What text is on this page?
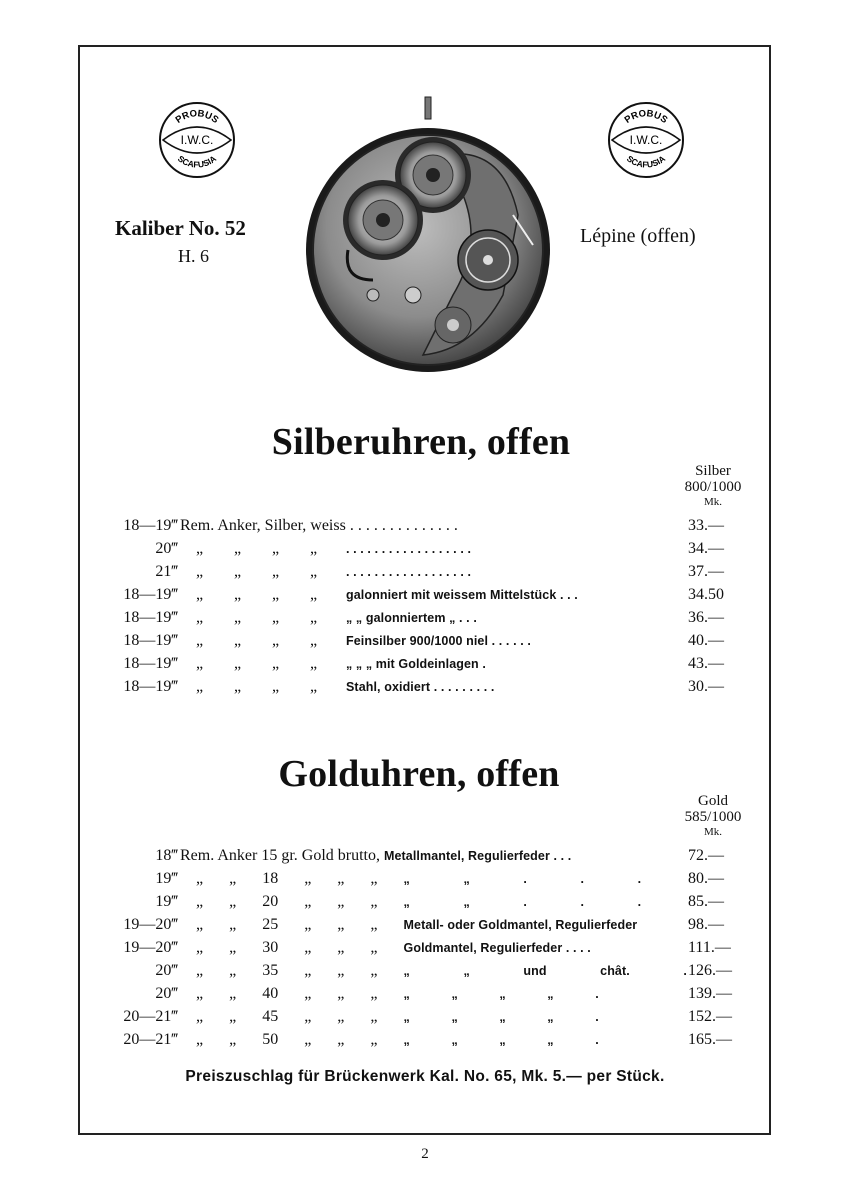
PROBUS
I.W.C.
SCAFUSIA
PROBUS
I.W.C.
SCAFUSIA
Kaliber No. 52
H. 6
Lépine (offen)
Silberuhren, offen
Silber
800/1000
Mk.
18—19‴ Rem. Anker, Silber, weiss . . . . . . . . . . . . . .	33.—
20‴ „ „ „ „ . . . . . . . . . . . . . . . . . .	34.—
21‴ „ „ „ „ . . . . . . . . . . . . . . . . . .	37.—
18—19‴ „ „ „ „ galonniert mit weissem Mittelstück . . .	34.50
18—19‴ „ „ „ „ „ „ galonniertem „ . . .	36.—
18—19‴ „ „ „ „ Feinsilber 900/1000 niel . . . . . .	40.—
18—19‴ „ „ „ „ „ „ „ mit Goldeinlagen .	43.—
18—19‴ „ „ „ „ Stahl, oxidiert . . . . . . . . .	30.—
Golduhren, offen
Gold
585/1000
Mk.
18‴ Rem. Anker 15 gr. Gold brutto, Metallmantel, Regulierfeder . . .	72.—
19‴ „ „ 18 „ „ „ „ „ . . .	80.—
19‴ „ „ 20 „ „ „ „ „ . . .	85.—
19—20‴ „ „ 25 „ „ „ Metall- oder Goldmantel, Regulierfeder	98.—
19—20‴ „ „ 30 „ „ „ Goldmantel, Regulierfeder . . . .	111.—
20‴ „ „ 35 „ „ „ „ „ und chât. . 126.—
20‴ „ „ 40 „ „ „ „ „ „ „ .	139.—
20—21‴ „ „ 45 „ „ „ „ „ „ „ .	152.—
20—21‴ „ „ 50 „ „ „ „ „ „ „ .	165.—
Preiszuschlag für Brückenwerk Kal. No. 65, Mk. 5.— per Stück.
2
